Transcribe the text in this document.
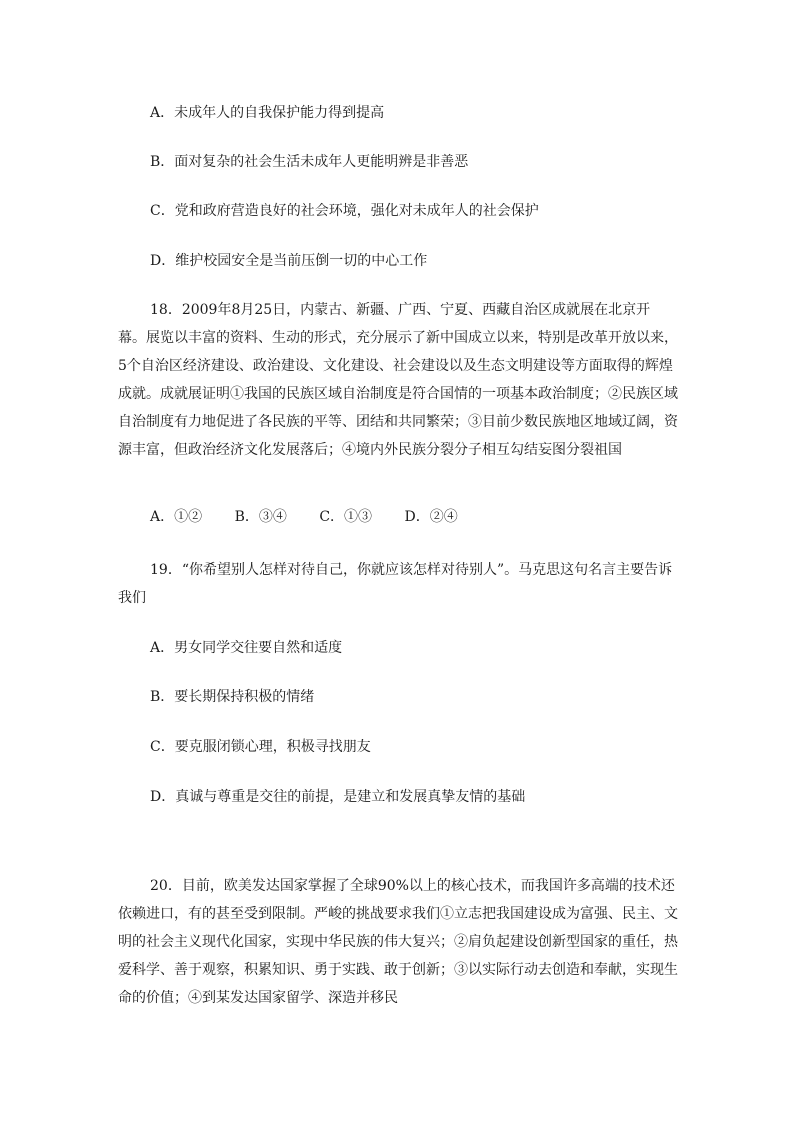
A．未成年人的自我保护能力得到提高
B．面对复杂的社会生活未成年人更能明辨是非善恶
C．党和政府营造良好的社会环境，强化对未成年人的社会保护
D．维护校园安全是当前压倒一切的中心工作
18．2009年8月25日，内蒙古、新疆、广西、宁夏、西藏自治区成就展在北京开幕。展览以丰富的资料、生动的形式，充分展示了新中国成立以来，特别是改革开放以来，5个自治区经济建设、政治建设、文化建设、社会建设以及生态文明建设等方面取得的辉煌成就。成就展证明①我国的民族区域自治制度是符合国情的一项基本政治制度；②民族区域自治制度有力地促进了各民族的平等、团结和共同繁荣；③目前少数民族地区地域辽阔，资源丰富，但政治经济文化发展落后；④境内外民族分裂分子相互勾结妄图分裂祖国
A．①② B．③④ C．①③ D．②④
19．“你希望别人怎样对待自己，你就应该怎样对待别人”。马克思这句名言主要告诉我们
A．男女同学交往要自然和适度
B．要长期保持积极的情绪
C．要克服闭锁心理，积极寻找朋友
D．真诚与尊重是交往的前提，是建立和发展真挚友情的基础
20．目前，欧美发达国家掌握了全球90%以上的核心技术，而我国许多高端的技术还依赖进口，有的甚至受到限制。严峻的挑战要求我们①立志把我国建设成为富强、民主、文明的社会主义现代化国家，实现中华民族的伟大复兴；②肩负起建设创新型国家的重任，热爱科学、善于观察，积累知识、勇于实践、敢于创新；③以实际行动去创造和奉献，实现生命的价值；④到某发达国家留学、深造并移民
